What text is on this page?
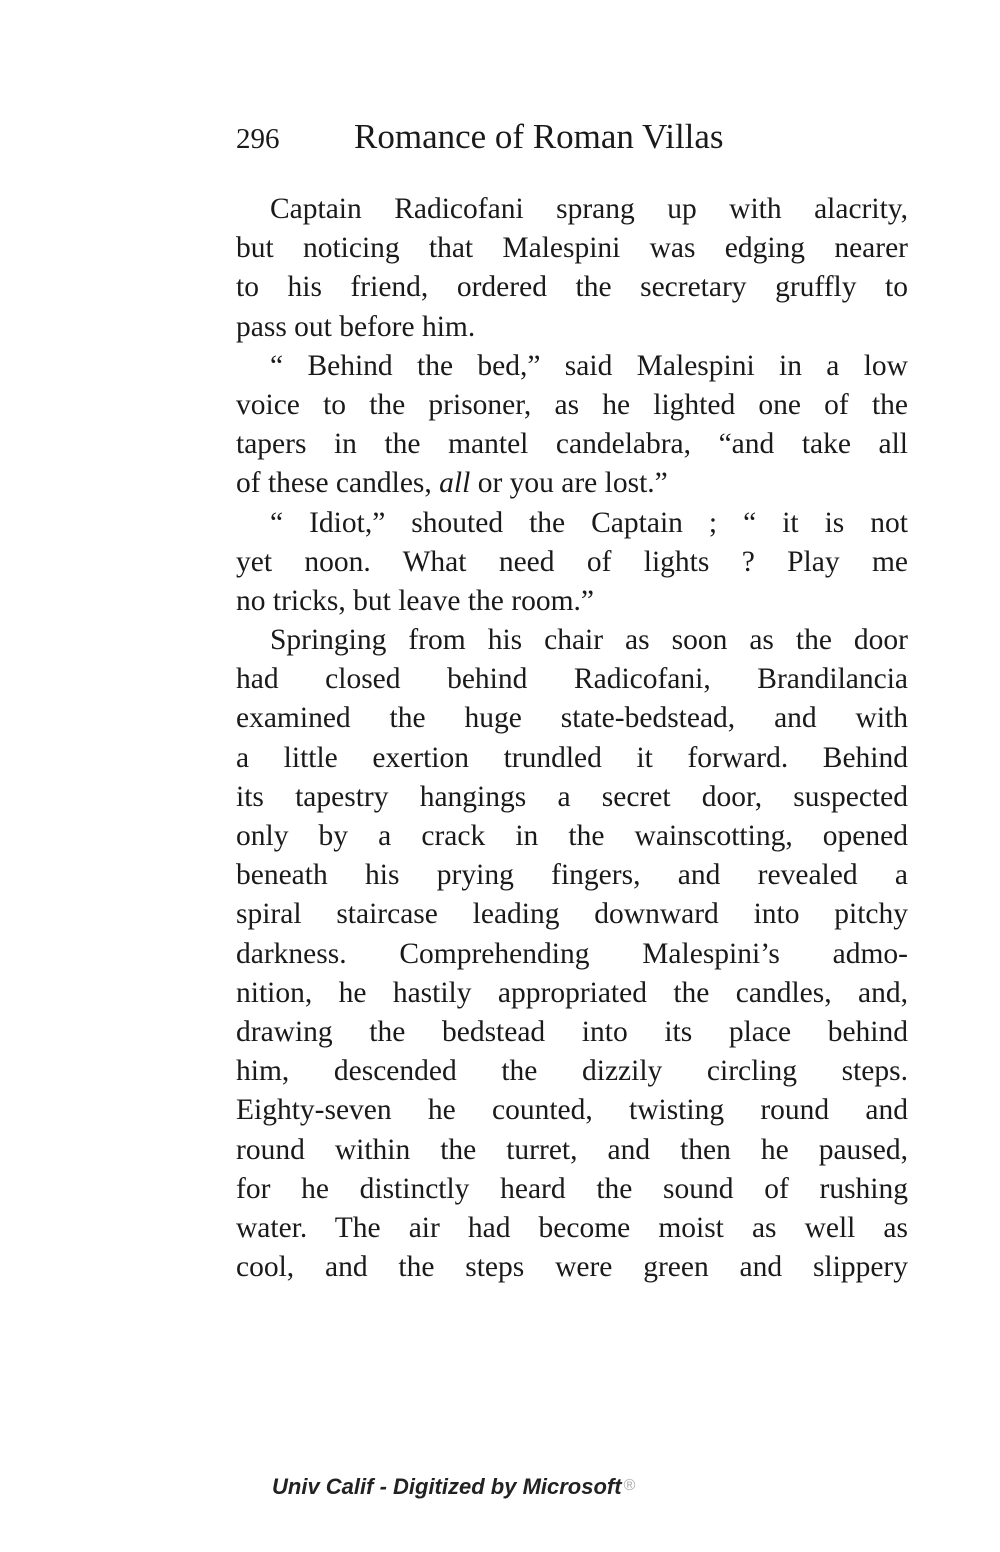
296 Romance of Roman Villas
Captain Radicofani sprang up with alacrity,
but noticing that Malespini was edging nearer
to his friend, ordered the secretary gruffly to
pass out before him.
“ Behind the bed,” said Malespini in a low
voice to the prisoner, as he lighted one of the
tapers in the mantel candelabra, “and take all
of these candles, all or you are lost.”
“ Idiot,” shouted the Captain ; “ it is not
yet noon. What need of lights ? Play me
no tricks, but leave the room.”
Springing from his chair as soon as the door
had closed behind Radicofani, Brandilancia
examined the huge state-bedstead, and with
a little exertion trundled it forward. Behind
its tapestry hangings a secret door, suspected
only by a crack in the wainscotting, opened
beneath his prying fingers, and revealed a
spiral staircase leading downward into pitchy
darkness. Comprehending Malespini’s admo-
nition, he hastily appropriated the candles, and,
drawing the bedstead into its place behind
him, descended the dizzily circling steps.
Eighty-seven he counted, twisting round and
round within the turret, and then he paused,
for he distinctly heard the sound of rushing
water. The air had become moist as well as
cool, and the steps were green and slippery
Univ Calif - Digitized by Microsoft ®
